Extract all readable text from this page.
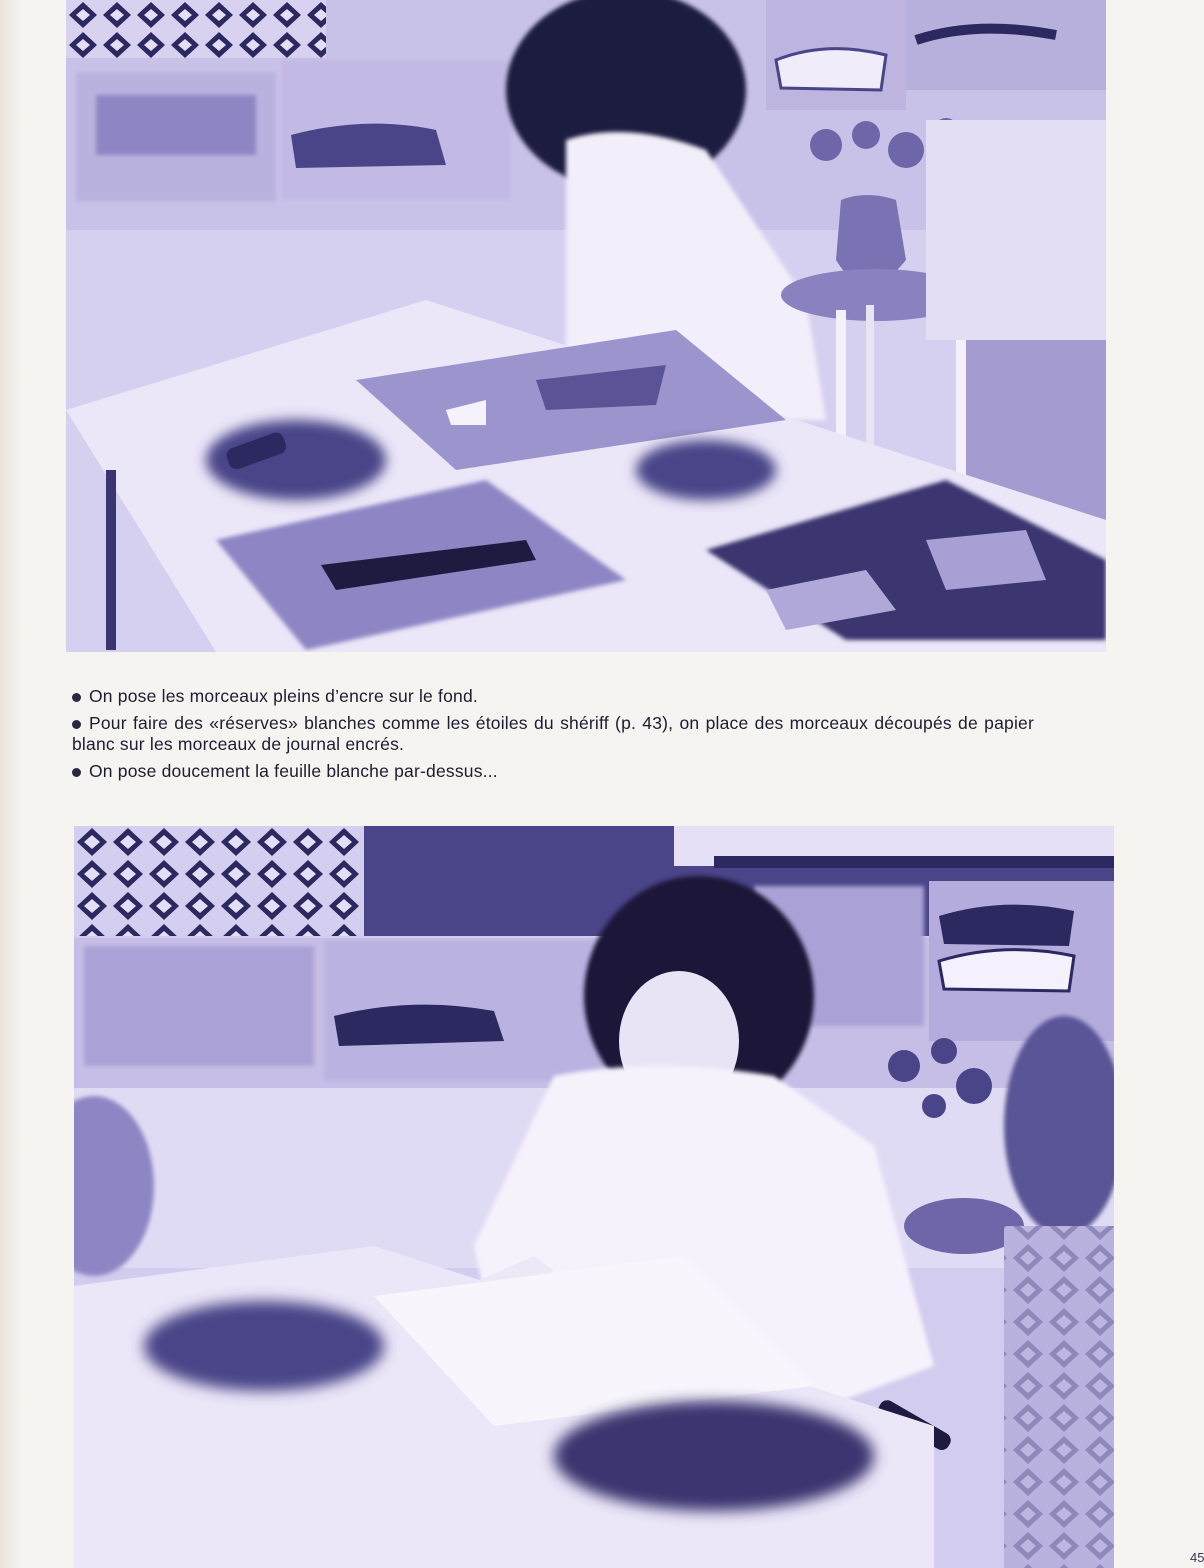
On pose les morceaux pleins d’encre sur le fond.

Pour faire des «réserves» blanches comme les étoiles du shériff (p. 43), on place des morceaux découpés de papier blanc sur les morceaux de journal encrés.

On pose doucement la feuille blanche par-dessus...

45
